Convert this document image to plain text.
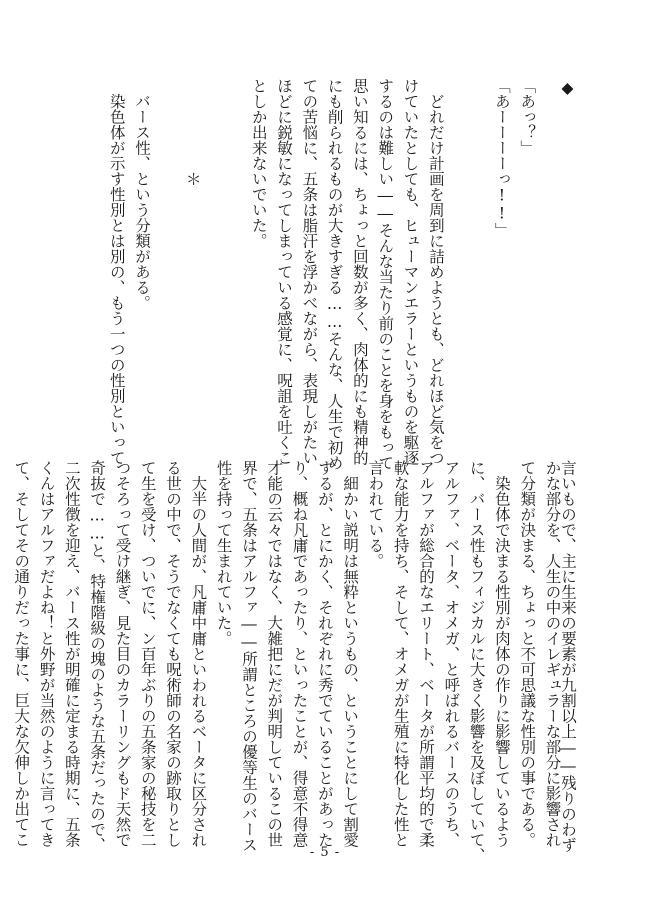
◆
「あっ？」
「あーーーーっ!!」
　どれだけ計画を周到に詰めようとも、どれほど気をつ
けていたとしても、ヒューマンエラーというものを駆逐
するのは難しい――そんな当たり前のことを身をもって
思い知るには、ちょっと回数が多く、肉体的にも精神的
にも削られるものが大きすぎる……そんな、人生で初め
ての苦悩に、五条は脂汗を浮かべながら、表現しがたい
ほどに鋭敏になってしまっている感覚に、呪詛を吐くこ
としか出来ないでいた。
　　　　　　＊
　バース性、という分類がある。
　染色体が示す性別とは別の、もう一つの性別といって
言いもので、主に生来の要素が九割以上――残りのわず
かな部分を、人生の中のイレギュラーな部分に影響され
て分類が決まる、ちょっと不可思議な性別の事である。
　染色体で決まる性別が肉体の作りに影響しているよう
に、バース性もフィジカルに大きく影響を及ぼしていて、
アルファ、ベータ、オメガ、と呼ばれるバースのうち、
アルファが総合的なエリート、ベータが所謂平均的で柔
軟な能力を持ち、そして、オメガが生殖に特化した性と
言われている。
　細かい説明は無粋というもの、ということにして割愛
するが、とにかく、それぞれに秀でていることがあった
り、概ね凡庸であったり、といったことが、得意不得意
才能の云々ではなく、大雑把にだが判明しているこの世
界で、五条はアルファ――所謂ところの優等生のバース
性を持って生まれていた。
　大半の人間が、凡庸中庸といわれるベータに区分され
る世の中で、そうでなくても呪術師の名家の跡取りとし
て生を受け、ついでに、ン百年ぶりの五条家の秘技を二
つそろって受け継ぎ、見た目のカラーリングもド天然で
奇抜で……と、特権階級の塊のような五条だったので、
二次性徴を迎え、バース性が明確に定まる時期に、五条
くんはアルファだよね！と外野が当然のように言ってき
て、そしてその通りだった事に、巨大な欠伸しか出てこ
- 5 -
